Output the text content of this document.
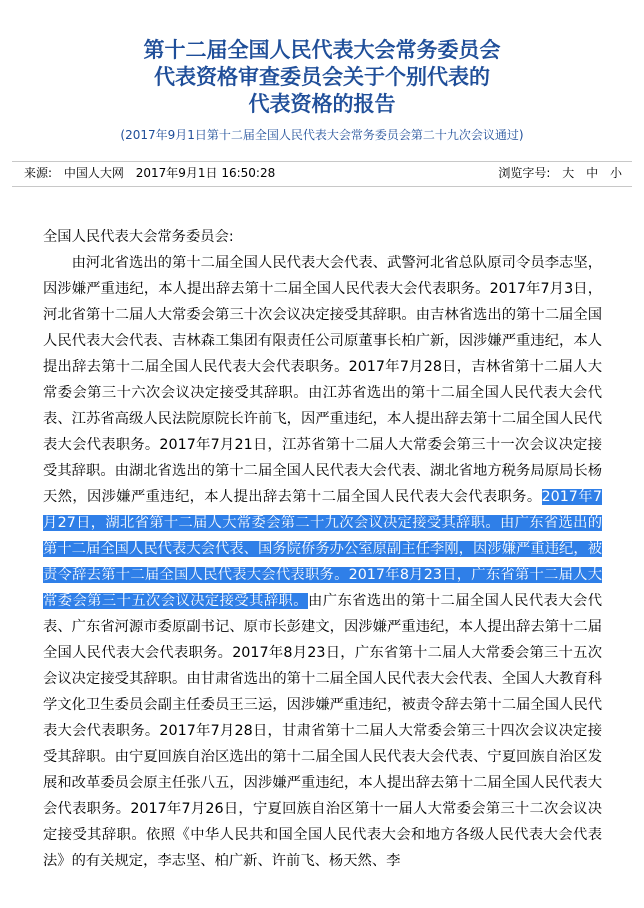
第十二届全国人民代表大会常务委员会
代表资格审查委员会关于个别代表的
代表资格的报告
(2017年9月1日第十二届全国人民代表大会常务委员会第二十九次会议通过)
来源: 中国人大网 2017年9月1日 16:50:28	浏览字号: 大 中 小

全国人民代表大会常务委员会:

由河北省选出的第十二届全国人民代表大会代表、武警河北省总队原司令员李志坚，因涉嫌严重违纪，本人提出辞去第十二届全国人民代表大会代表职务。2017年7月3日，河北省第十二届人大常委会第三十次会议决定接受其辞职。由吉林省选出的第十二届全国人民代表大会代表、吉林森工集团有限责任公司原董事长柏广新，因涉嫌严重违纪，本人提出辞去第十二届全国人民代表大会代表职务。2017年7月28日，吉林省第十二届人大常委会第三十六次会议决定接受其辞职。由江苏省选出的第十二届全国人民代表大会代表、江苏省高级人民法院原院长许前飞，因严重违纪，本人提出辞去第十二届全国人民代表大会代表职务。2017年7月21日，江苏省第十二届人大常委会第三十一次会议决定接受其辞职。由湖北省选出的第十二届全国人民代表大会代表、湖北省地方税务局原局长杨天然，因涉嫌严重违纪，本人提出辞去第十二届全国人民代表大会代表职务。2017年7月27日，湖北省第十二届人大常委会第二十九次会议决定接受其辞职。由广东省选出的第十二届全国人民代表大会代表、国务院侨务办公室原副主任李刚，因涉嫌严重违纪，被责令辞去第十二届全国人民代表大会代表职务。2017年8月23日，广东省第十二届人大常委会第三十五次会议决定接受其辞职。由广东省选出的第十二届全国人民代表大会代表、广东省河源市委原副书记、原市长彭建文，因涉嫌严重违纪，本人提出辞去第十二届全国人民代表大会代表职务。2017年8月23日，广东省第十二届人大常委会第三十五次会议决定接受其辞职。由甘肃省选出的第十二届全国人民代表大会代表、全国人大教育科学文化卫生委员会副主任委员王三运，因涉嫌严重违纪，被责令辞去第十二届全国人民代表大会代表职务。2017年7月28日，甘肃省第十二届人大常委会第三十四次会议决定接受其辞职。由宁夏回族自治区选出的第十二届全国人民代表大会代表、宁夏回族自治区发展和改革委员会原主任张八五，因涉嫌严重违纪，本人提出辞去第十二届全国人民代表大会代表职务。2017年7月26日，宁夏回族自治区第十一届人大常委会第三十二次会议决定接受其辞职。依照《中华人民共和国全国人民代表大会和地方各级人民代表大会代表法》的有关规定，李志坚、柏广新、许前飞、杨天然、李
